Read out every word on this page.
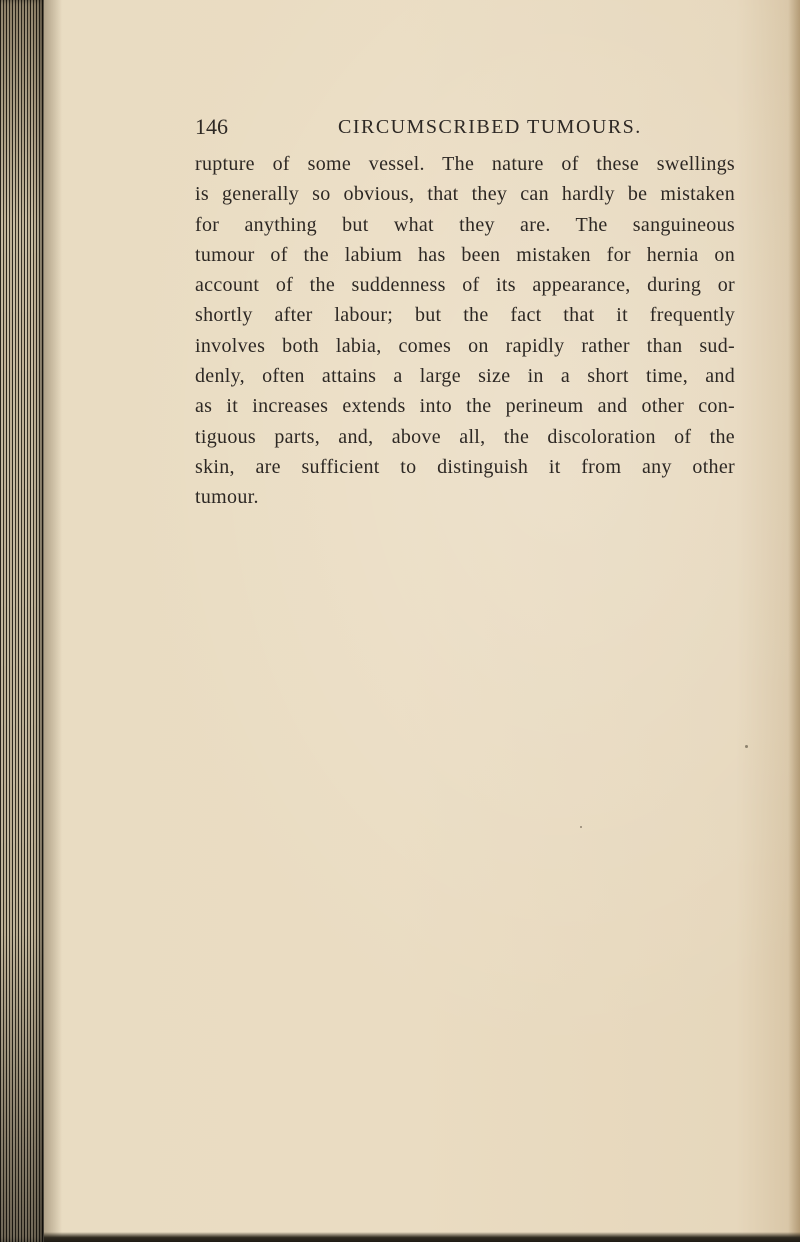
146	CIRCUMSCRIBED TUMOURS.
rupture of some vessel. The nature of these swellings
is generally so obvious, that they can hardly be mistaken
for anything but what they are. The sanguineous
tumour of the labium has been mistaken for hernia on
account of the suddenness of its appearance, during or
shortly after labour; but the fact that it frequently
involves both labia, comes on rapidly rather than sud-
denly, often attains a large size in a short time, and
as it increases extends into the perineum and other con-
tiguous parts, and, above all, the discoloration of the
skin, are sufficient to distinguish it from any other
tumour.
